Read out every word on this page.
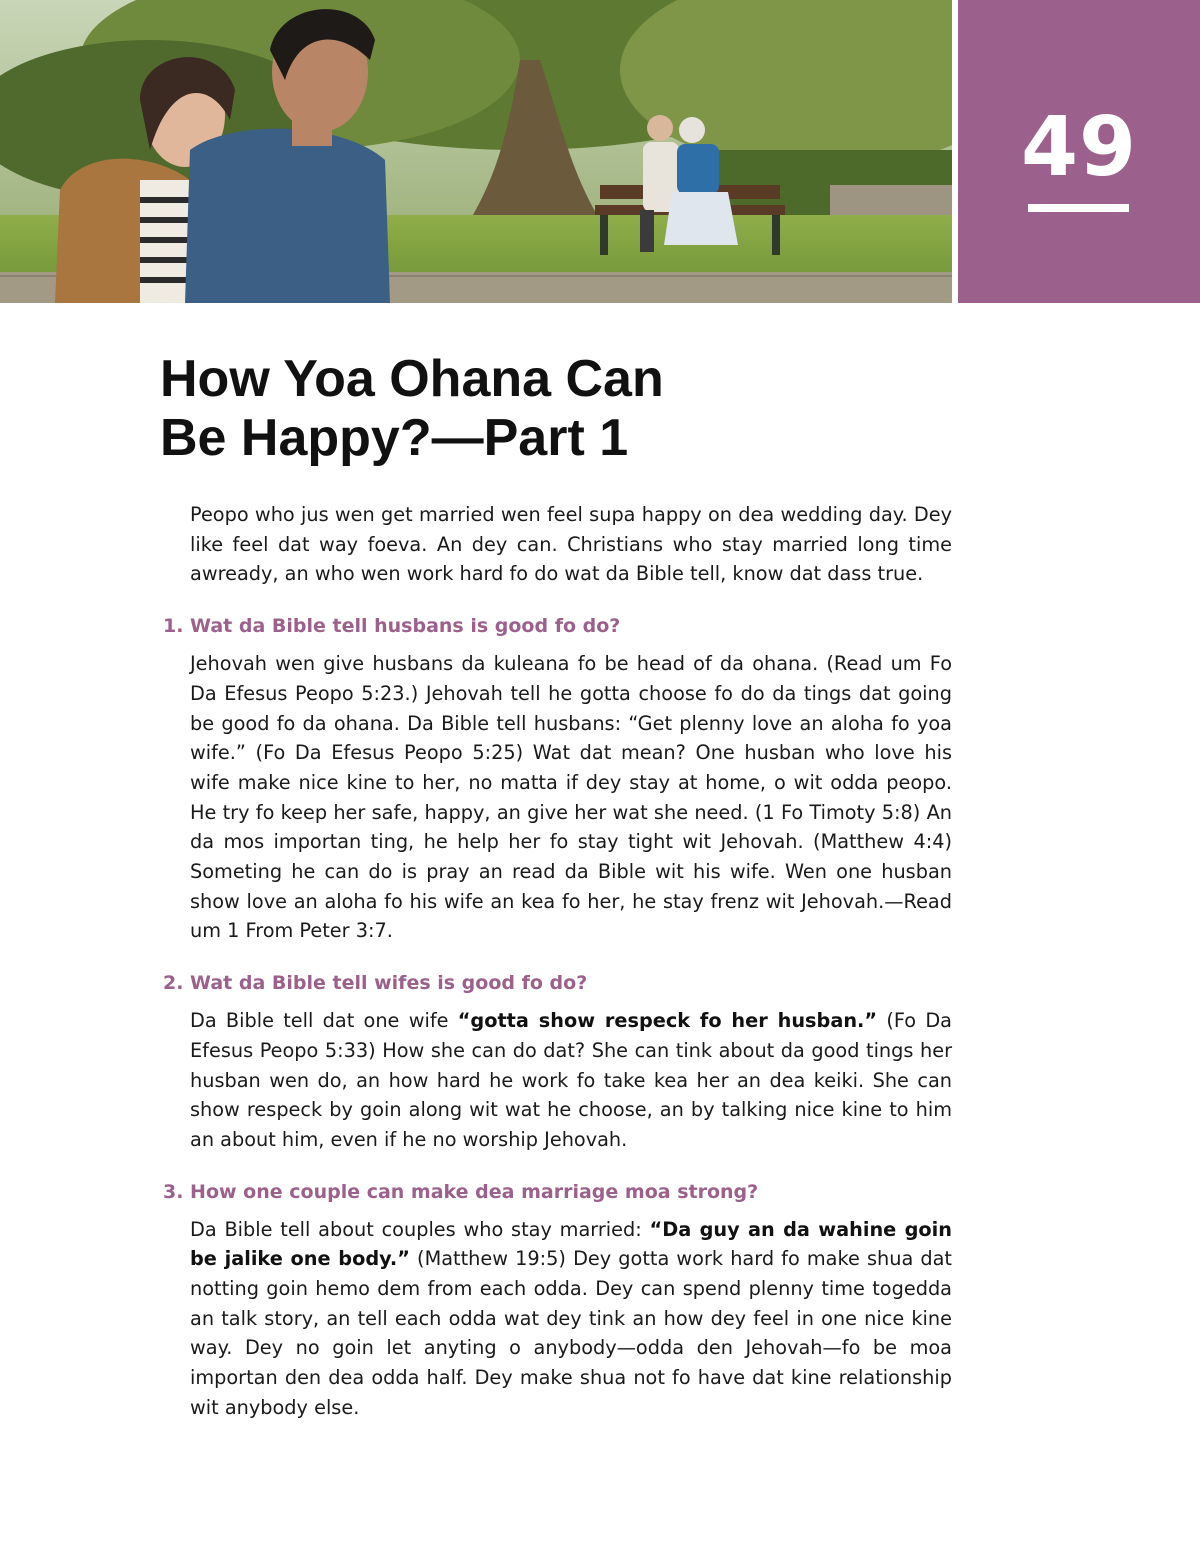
49
How Yoa Ohana Can
Be Happy?—Part 1

Peopo who jus wen get married wen feel supa happy on dea wedding day. Dey like feel dat way foeva. An dey can. Christians who stay married long time awready, an who wen work hard fo do wat da Bible tell, know dat dass true.

1. Wat da Bible tell husbans is good fo do?

Jehovah wen give husbans da kuleana fo be head of da ohana. (Read um Fo Da Efesus Peopo 5:23.) Jehovah tell he gotta choose fo do da tings dat going be good fo da ohana. Da Bible tell husbans: “Get plenny love an aloha fo yoa wife.” (Fo Da Efesus Peopo 5:25) Wat dat mean? One husban who love his wife make nice kine to her, no matta if dey stay at home, o wit odda peopo. He try fo keep her safe, happy, an give her wat she need. (1 Fo Timoty 5:8) An da mos importan ting, he help her fo stay tight wit Jehovah. (Matthew 4:4) Someting he can do is pray an read da Bible wit his wife. Wen one husban show love an aloha fo his wife an kea fo her, he stay frenz wit Jehovah.—Read um 1 From Peter 3:7.

2. Wat da Bible tell wifes is good fo do?

Da Bible tell dat one wife “gotta show respeck fo her husban.” (Fo Da Efesus Peopo 5:33) How she can do dat? She can tink about da good tings her husban wen do, an how hard he work fo take kea her an dea keiki. She can show respeck by goin along wit wat he choose, an by talking nice kine to him an about him, even if he no worship Jehovah.

3. How one couple can make dea marriage moa strong?

Da Bible tell about couples who stay married: “Da guy an da wahine goin be jalike one body.” (Matthew 19:5) Dey gotta work hard fo make shua dat notting goin hemo dem from each odda. Dey can spend plenny time togedda an talk story, an tell each odda wat dey tink an how dey feel in one nice kine way. Dey no goin let anyting o anybody—odda den Jehovah—fo be moa importan den dea odda half. Dey make shua not fo have dat kine relationship wit anybody else.
